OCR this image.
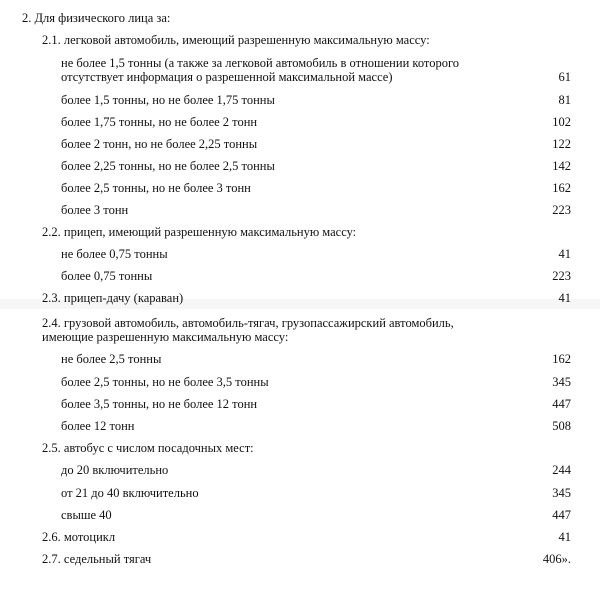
2. Для физического лица за:
2.1. легковой автомобиль, имеющий разрешенную максимальную массу:
не более 1,5 тонны (а также за легковой автомобиль в отношении которого
отсутствует информация о разрешенной максимальной массе)	61
более 1,5 тонны, но не более 1,75 тонны	81
более 1,75 тонны, но не более 2 тонн	102
более 2 тонн, но не более 2,25 тонны	122
более 2,25 тонны, но не более 2,5 тонны	142
более 2,5 тонны, но не более 3 тонн	162
более 3 тонн	223
2.2. прицеп, имеющий разрешенную максимальную массу:
не более 0,75 тонны	41
более 0,75 тонны	223
2.3. прицеп-дачу (караван)	41
2.4. грузовой автомобиль, автомобиль-тягач, грузопассажирский автомобиль,
имеющие разрешенную максимальную массу:
не более 2,5 тонны	162
более 2,5 тонны, но не более 3,5 тонны	345
более 3,5 тонны, но не более 12 тонн	447
более 12 тонн	508
2.5. автобус с числом посадочных мест:
до 20 включительно	244
от 21 до 40 включительно	345
свыше 40	447
2.6. мотоцикл	41
2.7. седельный тягач	406».
